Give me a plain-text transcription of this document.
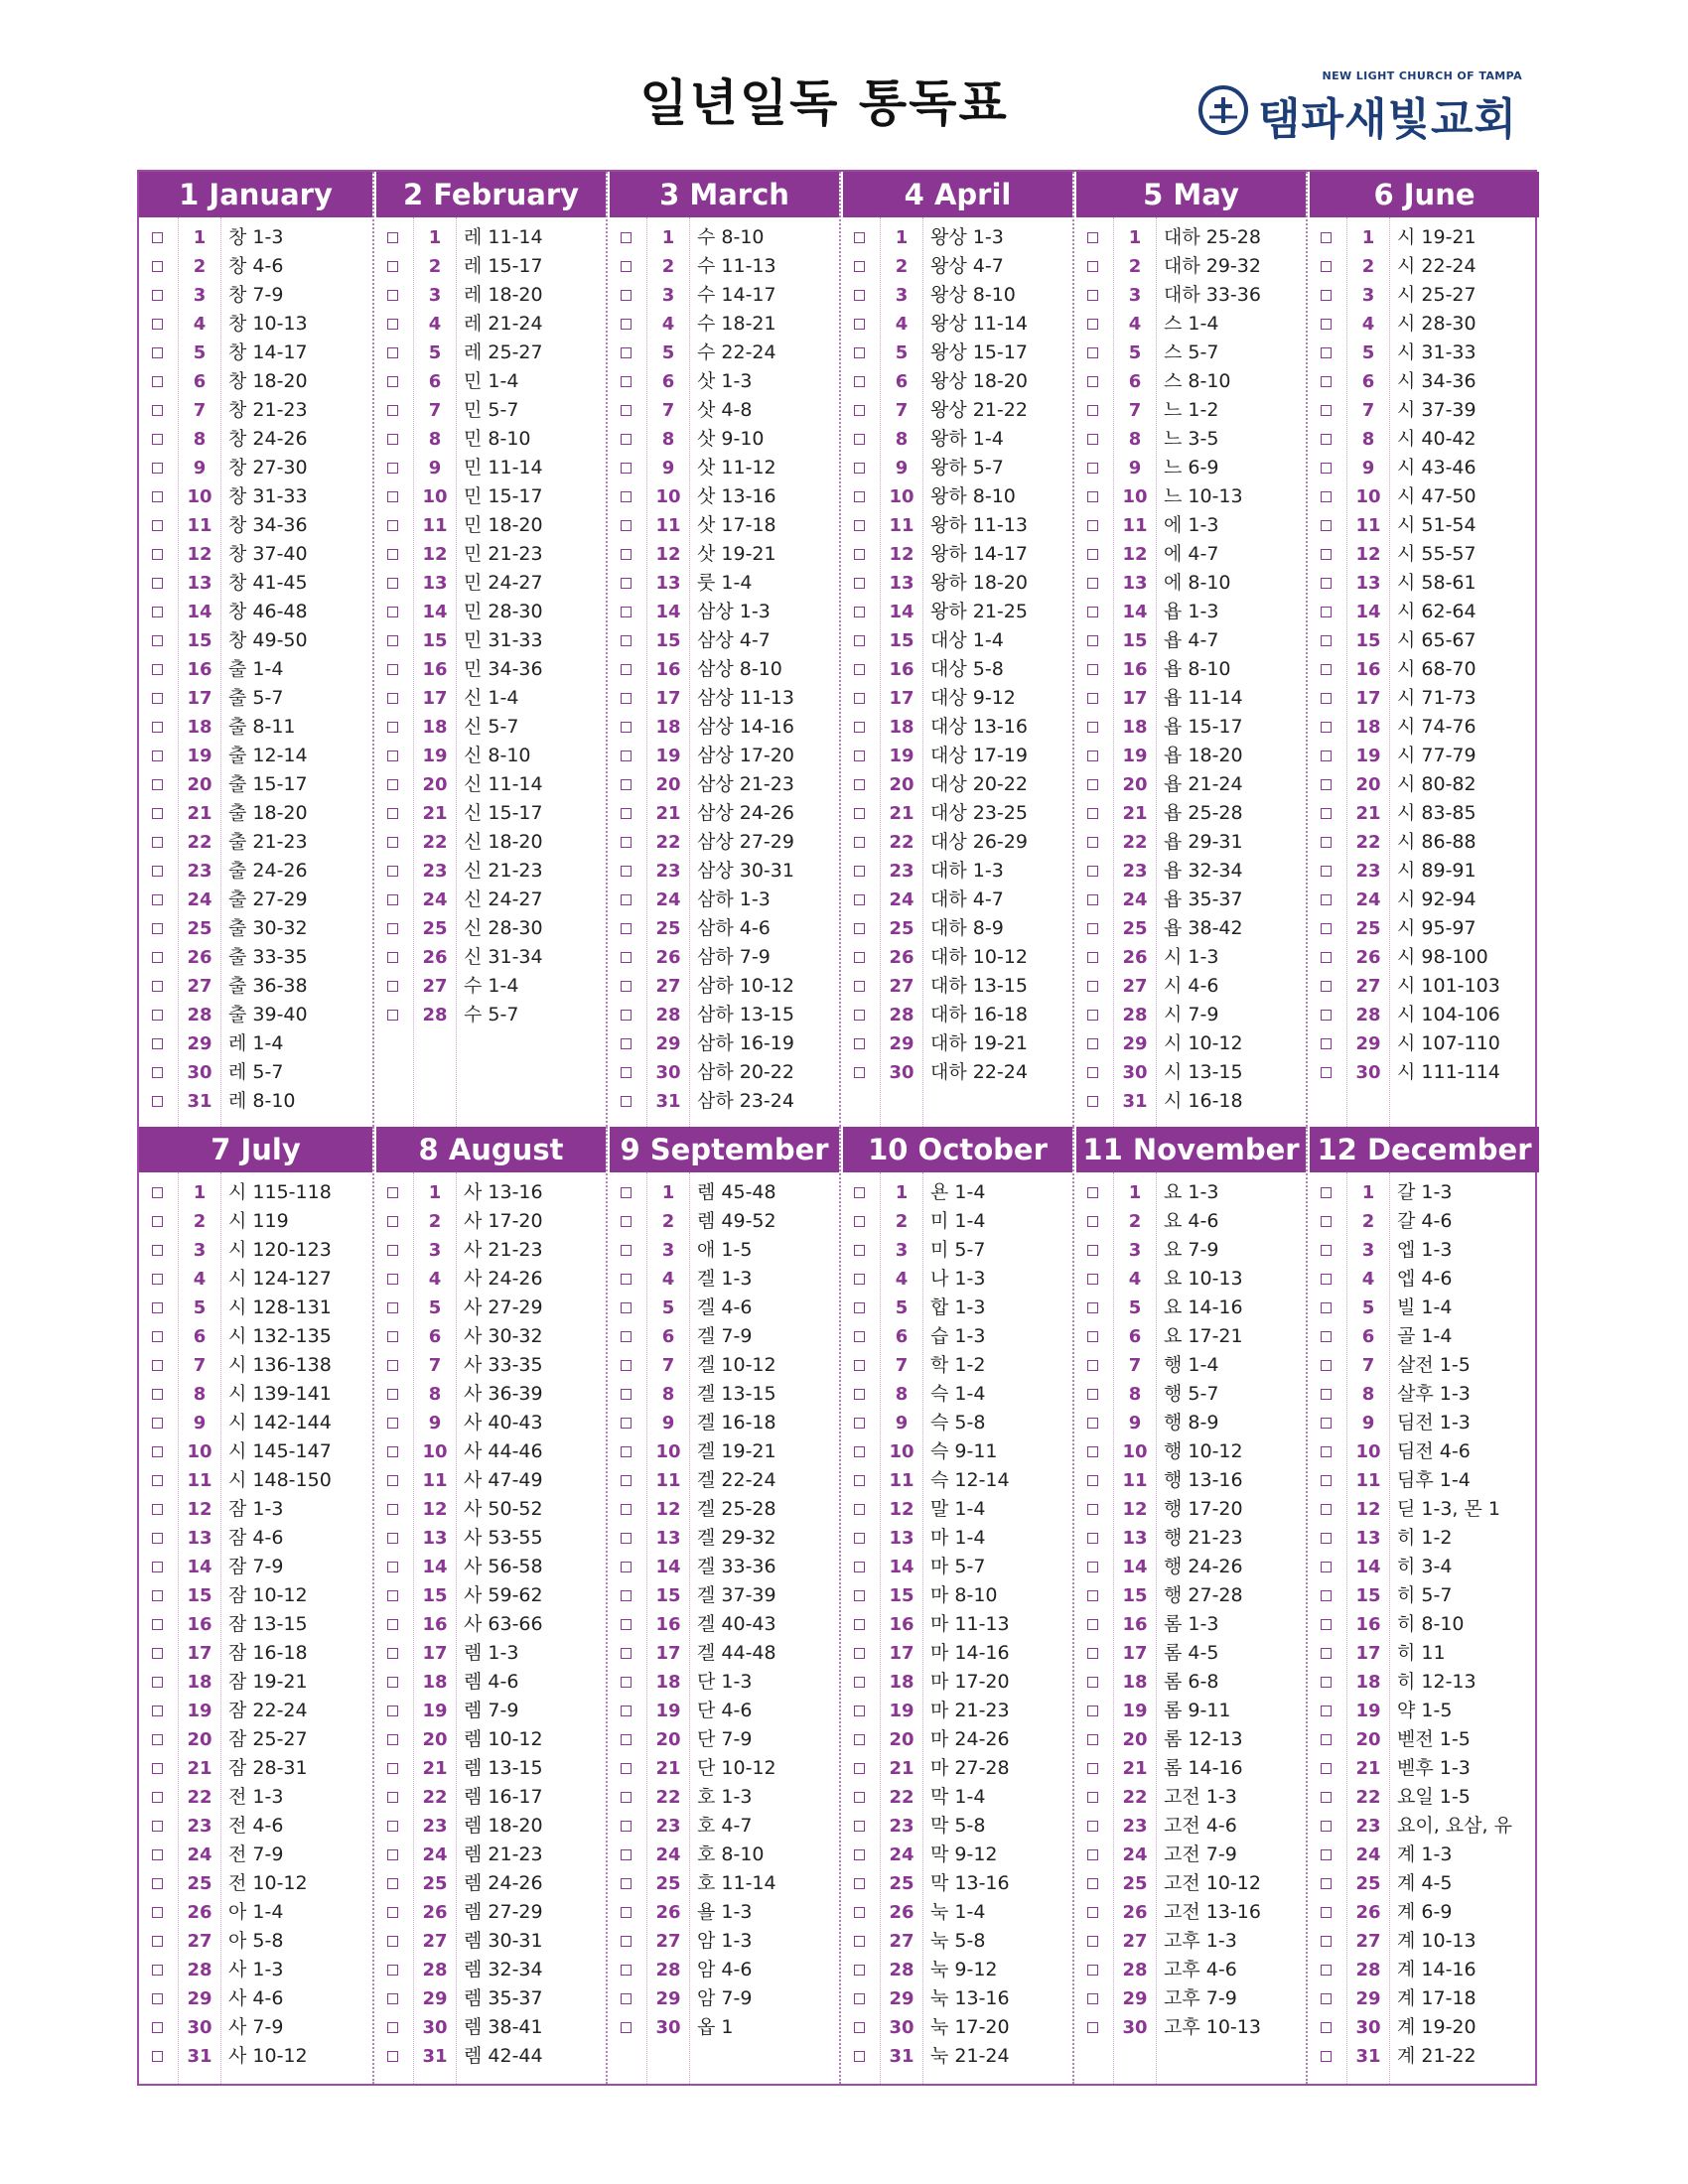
일년일독 통독표	NEW LIGHT CHURCH OF TAMPA
탬파새빛교회
1
January
1	창 1-3
2	창 4-6
3	창 7-9
4	창 10-13
5	창 14-17
6	창 18-20
7	창 21-23
8	창 24-26
9	창 27-30
10 창 31-33
11 창 34-36
12 창 37-40
13 창 41-45
14 창 46-48
15 창 49-50
16 출 1-4
17 출 5-7
18 출 8-11
19 출 12-14
20 출 15-17
21 출 18-20
22 출 21-23
23 출 24-26
24 출 27-29
25 출 30-32
26 출 33-35
27 출 36-38
28 출 39-40
29 레 1-4
30 레 5-7
31 레 8-10
2
February
1	레 11-14
2	레 15-17
3	레 18-20
4	레 21-24
5	레 25-27
6	민 1-4
7	민 5-7
8	민 8-10
9	민 11-14
10 민 15-17
11 민 18-20
12 민 21-23
13 민 24-27
14 민 28-30
15 민 31-33
16 민 34-36
17 신 1-4
18 신 5-7
19 신 8-10
20 신 11-14
21 신 15-17
22 신 18-20
23 신 21-23
24 신 24-27
25 신 28-30
26 신 31-34
27 수 1-4
28 수 5-7
3
March
1	수 8-10
2	수 11-13
3	수 14-17
4	수 18-21
5	수 22-24
6	삿 1-3
7	삿 4-8
8	삿 9-10
9	삿 11-12
10 삿 13-16
11 삿 17-18
12 삿 19-21
13 룻 1-4
14 삼상 1-3
15 삼상 4-7
16 삼상 8-10
17 삼상 11-13
18 삼상 14-16
19 삼상 17-20
20 삼상 21-23
21 삼상 24-26
22 삼상 27-29
23 삼상 30-31
24 삼하 1-3
25 삼하 4-6
26 삼하 7-9
27 삼하 10-12
28 삼하 13-15
29 삼하 16-19
30 삼하 20-22
31 삼하 23-24
4
April
1	왕상 1-3
2	왕상 4-7
3	왕상 8-10
4	왕상 11-14
5	왕상 15-17
6	왕상 18-20
7	왕상 21-22
8	왕하 1-4
9	왕하 5-7
10 왕하 8-10
11 왕하 11-13
12 왕하 14-17
13 왕하 18-20
14 왕하 21-25
15 대상 1-4
16 대상 5-8
17 대상 9-12
18 대상 13-16
19 대상 17-19
20 대상 20-22
21 대상 23-25
22 대상 26-29
23 대하 1-3
24 대하 4-7
25 대하 8-9
26 대하 10-12
27 대하 13-15
28 대하 16-18
29 대하 19-21
30 대하 22-24
5
May
1	대하 25-28
2	대하 29-32
3	대하 33-36
4	스 1-4
5	스 5-7
6	스 8-10
7	느 1-2
8	느 3-5
9	느 6-9
10 느 10-13
11 에 1-3
12 에 4-7
13 에 8-10
14 욥 1-3
15 욥 4-7
16 욥 8-10
17 욥 11-14
18 욥 15-17
19 욥 18-20
20 욥 21-24
21 욥 25-28
22 욥 29-31
23 욥 32-34
24 욥 35-37
25 욥 38-42
26 시 1-3
27 시 4-6
28 시 7-9
29 시 10-12
30 시 13-15
31 시 16-18
6
June
1	시 19-21
2	시 22-24
3	시 25-27
4	시 28-30
5	시 31-33
6	시 34-36
7	시 37-39
8	시 40-42
9	시 43-46
10 시 47-50
11 시 51-54
12 시 55-57
13 시 58-61
14 시 62-64
15 시 65-67
16 시 68-70
17 시 71-73
18 시 74-76
19 시 77-79
20 시 80-82
21 시 83-85
22 시 86-88
23 시 89-91
24 시 92-94
25 시 95-97
26 시 98-100
27 시 101-103
28 시 104-106
29 시 107-110
30 시 111-114
7
July
1	시 115-118
2	시 119
3	시 120-123
4	시 124-127
5	시 128-131
6	시 132-135
7	시 136-138
8	시 139-141
9	시 142-144
10 시 145-147
11 시 148-150
12 잠 1-3
13 잠 4-6
14 잠 7-9
15 잠 10-12
16 잠 13-15
17 잠 16-18
18 잠 19-21
19 잠 22-24
20 잠 25-27
21 잠 28-31
22 전 1-3
23 전 4-6
24 전 7-9
25 전 10-12
26 아 1-4
27 아 5-8
28 사 1-3
29 사 4-6
30 사 7-9
31 사 10-12
8
August
1	사 13-16
2	사 17-20
3	사 21-23
4	사 24-26
5	사 27-29
6	사 30-32
7	사 33-35
8	사 36-39
9	사 40-43
10 사 44-46
11 사 47-49
12 사 50-52
13 사 53-55
14 사 56-58
15 사 59-62
16 사 63-66
17 렘 1-3
18 렘 4-6
19 렘 7-9
20 렘 10-12
21 렘 13-15
22 렘 16-17
23 렘 18-20
24 렘 21-23
25 렘 24-26
26 렘 27-29
27 렘 30-31
28 렘 32-34
29 렘 35-37
30 렘 38-41
31 렘 42-44
9
September
1	렘 45-48
2	렘 49-52
3	애 1-5
4	겔 1-3
5	겔 4-6
6	겔 7-9
7	겔 10-12
8	겔 13-15
9	겔 16-18
10 겔 19-21
11 겔 22-24
12 겔 25-28
13 겔 29-32
14 겔 33-36
15 겔 37-39
16 겔 40-43
17 겔 44-48
18 단 1-3
19 단 4-6
20 단 7-9
21 단 10-12
22 호 1-3
23 호 4-7
24 호 8-10
25 호 11-14
26 욜 1-3
27 암 1-3
28 암 4-6
29 암 7-9
30 옵 1
10
October
1	욘 1-4
2	미 1-4
3	미 5-7
4	나 1-3
5	합 1-3
6	습 1-3
7	학 1-2
8	슥 1-4
9	슥 5-8
10 슥 9-11
11 슥 12-14
12 말 1-4
13 마 1-4
14 마 5-7
15 마 8-10
16 마 11-13
17 마 14-16
18 마 17-20
19 마 21-23
20 마 24-26
21 마 27-28
22 막 1-4
23 막 5-8
24 막 9-12
25 막 13-16
26 눅 1-4
27 눅 5-8
28 눅 9-12
29 눅 13-16
30 눅 17-20
31 눅 21-24
11
November
1	요 1-3
2	요 4-6
3	요 7-9
4	요 10-13
5	요 14-16
6	요 17-21
7	행 1-4
8	행 5-7
9	행 8-9
10 행 10-12
11 행 13-16
12 행 17-20
13 행 21-23
14 행 24-26
15 행 27-28
16 롬 1-3
17 롬 4-5
18 롬 6-8
19 롬 9-11
20 롬 12-13
21 롬 14-16
22 고전 1-3
23 고전 4-6
24 고전 7-9
25 고전 10-12
26 고전 13-16
27 고후 1-3
28 고후 4-6
29 고후 7-9
30 고후 10-13
12
December
1	갈 1-3
2	갈 4-6
3	엡 1-3
4	엡 4-6
5	빌 1-4
6	골 1-4
7	살전 1-5
8	살후 1-3
9	딤전 1-3
10 딤전 4-6
11 딤후 1-4
12 딛 1-3, 몬 1
13 히 1-2
14 히 3-4
15 히 5-7
16 히 8-10
17 히 11
18 히 12-13
19 약 1-5
20 벧전 1-5
21 벧후 1-3
22 요일 1-5
23 요이, 요삼, 유
24 계 1-3
25 계 4-5
26 계 6-9
27 계 10-13
28 계 14-16
29 계 17-18
30 계 19-20
31 계 21-22
